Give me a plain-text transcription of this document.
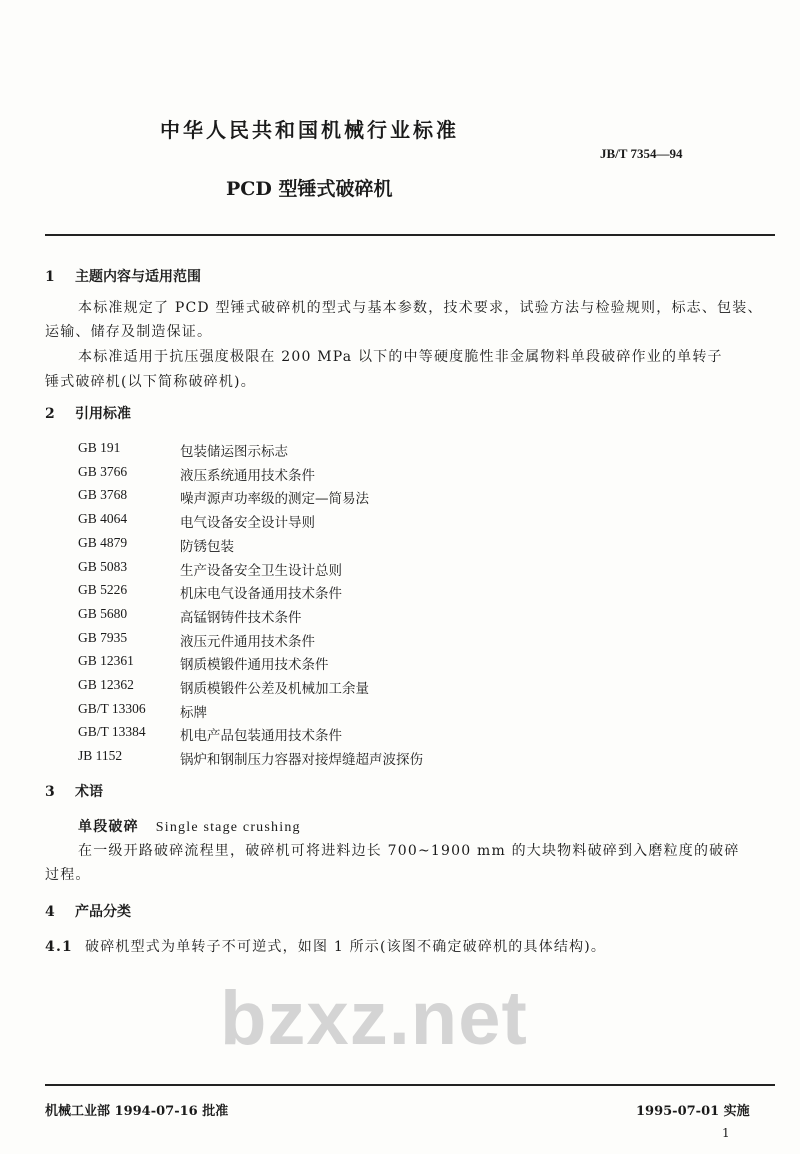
中华人民共和国机械行业标准
bzxz.net
JB/T 7354—94
PCD 型锤式破碎机
1 主题内容与适用范围
本标准规定了 PCD 型锤式破碎机的型式与基本参数，技术要求，试验方法与检验规则，标志、包装、
运输、储存及制造保证。
本标准适用于抗压强度极限在 200 MPa 以下的中等硬度脆性非金属物料单段破碎作业的单转子
锤式破碎机(以下简称破碎机)。
2 引用标准
GB 191	包装储运图示标志
GB 3766	液压系统通用技术条件
GB 3768	噪声源声功率级的测定—简易法
GB 4064	电气设备安全设计导则
GB 4879	防锈包装
GB 5083	生产设备安全卫生设计总则
GB 5226	机床电气设备通用技术条件
GB 5680	高锰钢铸件技术条件
GB 7935	液压元件通用技术条件
GB 12361	钢质模锻件通用技术条件
GB 12362	钢质模锻件公差及机械加工余量
GB/T 13306	标牌
GB/T 13384	机电产品包装通用技术条件
JB 1152	锅炉和钢制压力容器对接焊缝超声波探伤
3 术语
单段破碎 Single stage crushing
在一级开路破碎流程里，破碎机可将进料边长 700~1900 mm 的大块物料破碎到入磨粒度的破碎
过程。
4 产品分类
4.1 破碎机型式为单转子不可逆式，如图 1 所示(该图不确定破碎机的具体结构)。
机械工业部 1994-07-16 批准	1995-07-01 实施
1
